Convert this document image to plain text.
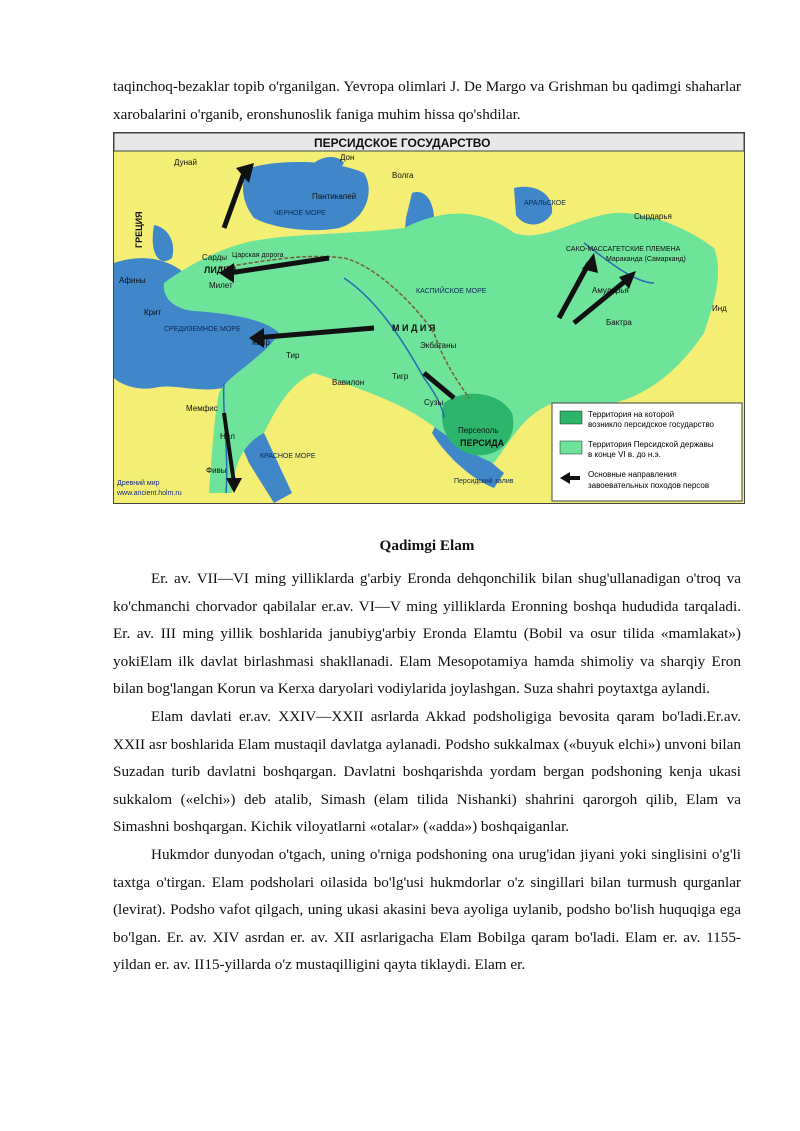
taqinchoq-bezaklar topib o'rganilgan. Yevropa olimlari J. De Margo va Grishman bu qadimgi shaharlar xarobalarini o'rganib, eronshunoslik faniga muhim hissa qo'shdilar.

ПЕРСИДСКОЕ ГОСУДАРСТВО
Дунай
Дон
Волга
Пантикапей
ЧЕРНОЕ МОРЕ
АРАЛЬСКОЕ
Сырдарья
ГРЕЦИЯ
Сарды Царская дорога
ЛИДИЯ
Афины
Милет
Крит
СРЕДИЗЕМНОЕ МОРЕ
КАСПИЙСКОЕ МОРЕ
М И Д И Я
Экбатаны
САКО-МАССАГЕТСКИЕ ПЛЕМЕНА
Мараканда (Самарканд)
Амударья
Бактра
Инд
Кипр
Тир
Вавилон
Тигр
Сузы
Персеполь
ПЕРСИДА
Мемфис
Нил
Фивы
КРАСНОЕ МОРЕ
Персидский залив
Древний мир
www.ancient.holm.ru
Территория на которой
возникло персидское государство
Территория Персидской державы
в конце VI в. до н.э.
Основные направления
завоевательных походов персов
Qadimgi Elam

Er. av. VII—VI ming yilliklarda g'arbiy Eronda dehqonchilik bilan shug'ullanadigan o'troq va ko'chmanchi chorvador qabilalar er.av. VI—V ming yilliklarda Eronning boshqa hududida tarqaladi. Er. av. III ming yillik boshlarida janubiyg'arbiy Eronda Elamtu (Bobil va osur tilida «mamlakat») yokiElam ilk davlat birlashmasi shakllanadi. Elam Mesopotamiya hamda shimoliy va sharqiy Eron bilan bog'langan Korun va Kerxa daryolari vodiylarida joylashgan. Suza shahri poytaxtga aylandi.

Elam davlati er.av. XXIV—XXII asrlarda Akkad podsholigiga bevosita qaram bo'ladi.Er.av. XXII asr boshlarida Elam mustaqil davlatga aylanadi. Podsho sukkalmax («buyuk elchi») unvoni bilan Suzadan turib davlatni boshqargan. Davlatni boshqarishda yordam bergan podshoning kenja ukasi sukkalom («elchi») deb atalib, Simash (elam tilida Nishanki) shahrini qarorgoh qilib, Elam va Simashni boshqargan. Kichik viloyatlarni «otalar» («adda») boshqaiganlar.

Hukmdor dunyodan o'tgach, uning o'rniga podshoning ona urug'idan jiyani yoki singlisini o'g'li taxtga o'tirgan. Elam podsholari oilasida bo'lg'usi hukmdorlar o'z singillari bilan turmush qurganlar (levirat). Podsho vafot qilgach, uning ukasi akasini beva ayoliga uylanib, podsho bo'lish huquqiga ega bo'lgan. Er. av. XIV asrdan er. av. XII asrlarigacha Elam Bobilga qaram bo'ladi. Elam er. av. 1155-yildan er. av. II15-yillarda o'z mustaqilligini qayta tiklaydi. Elam er.
